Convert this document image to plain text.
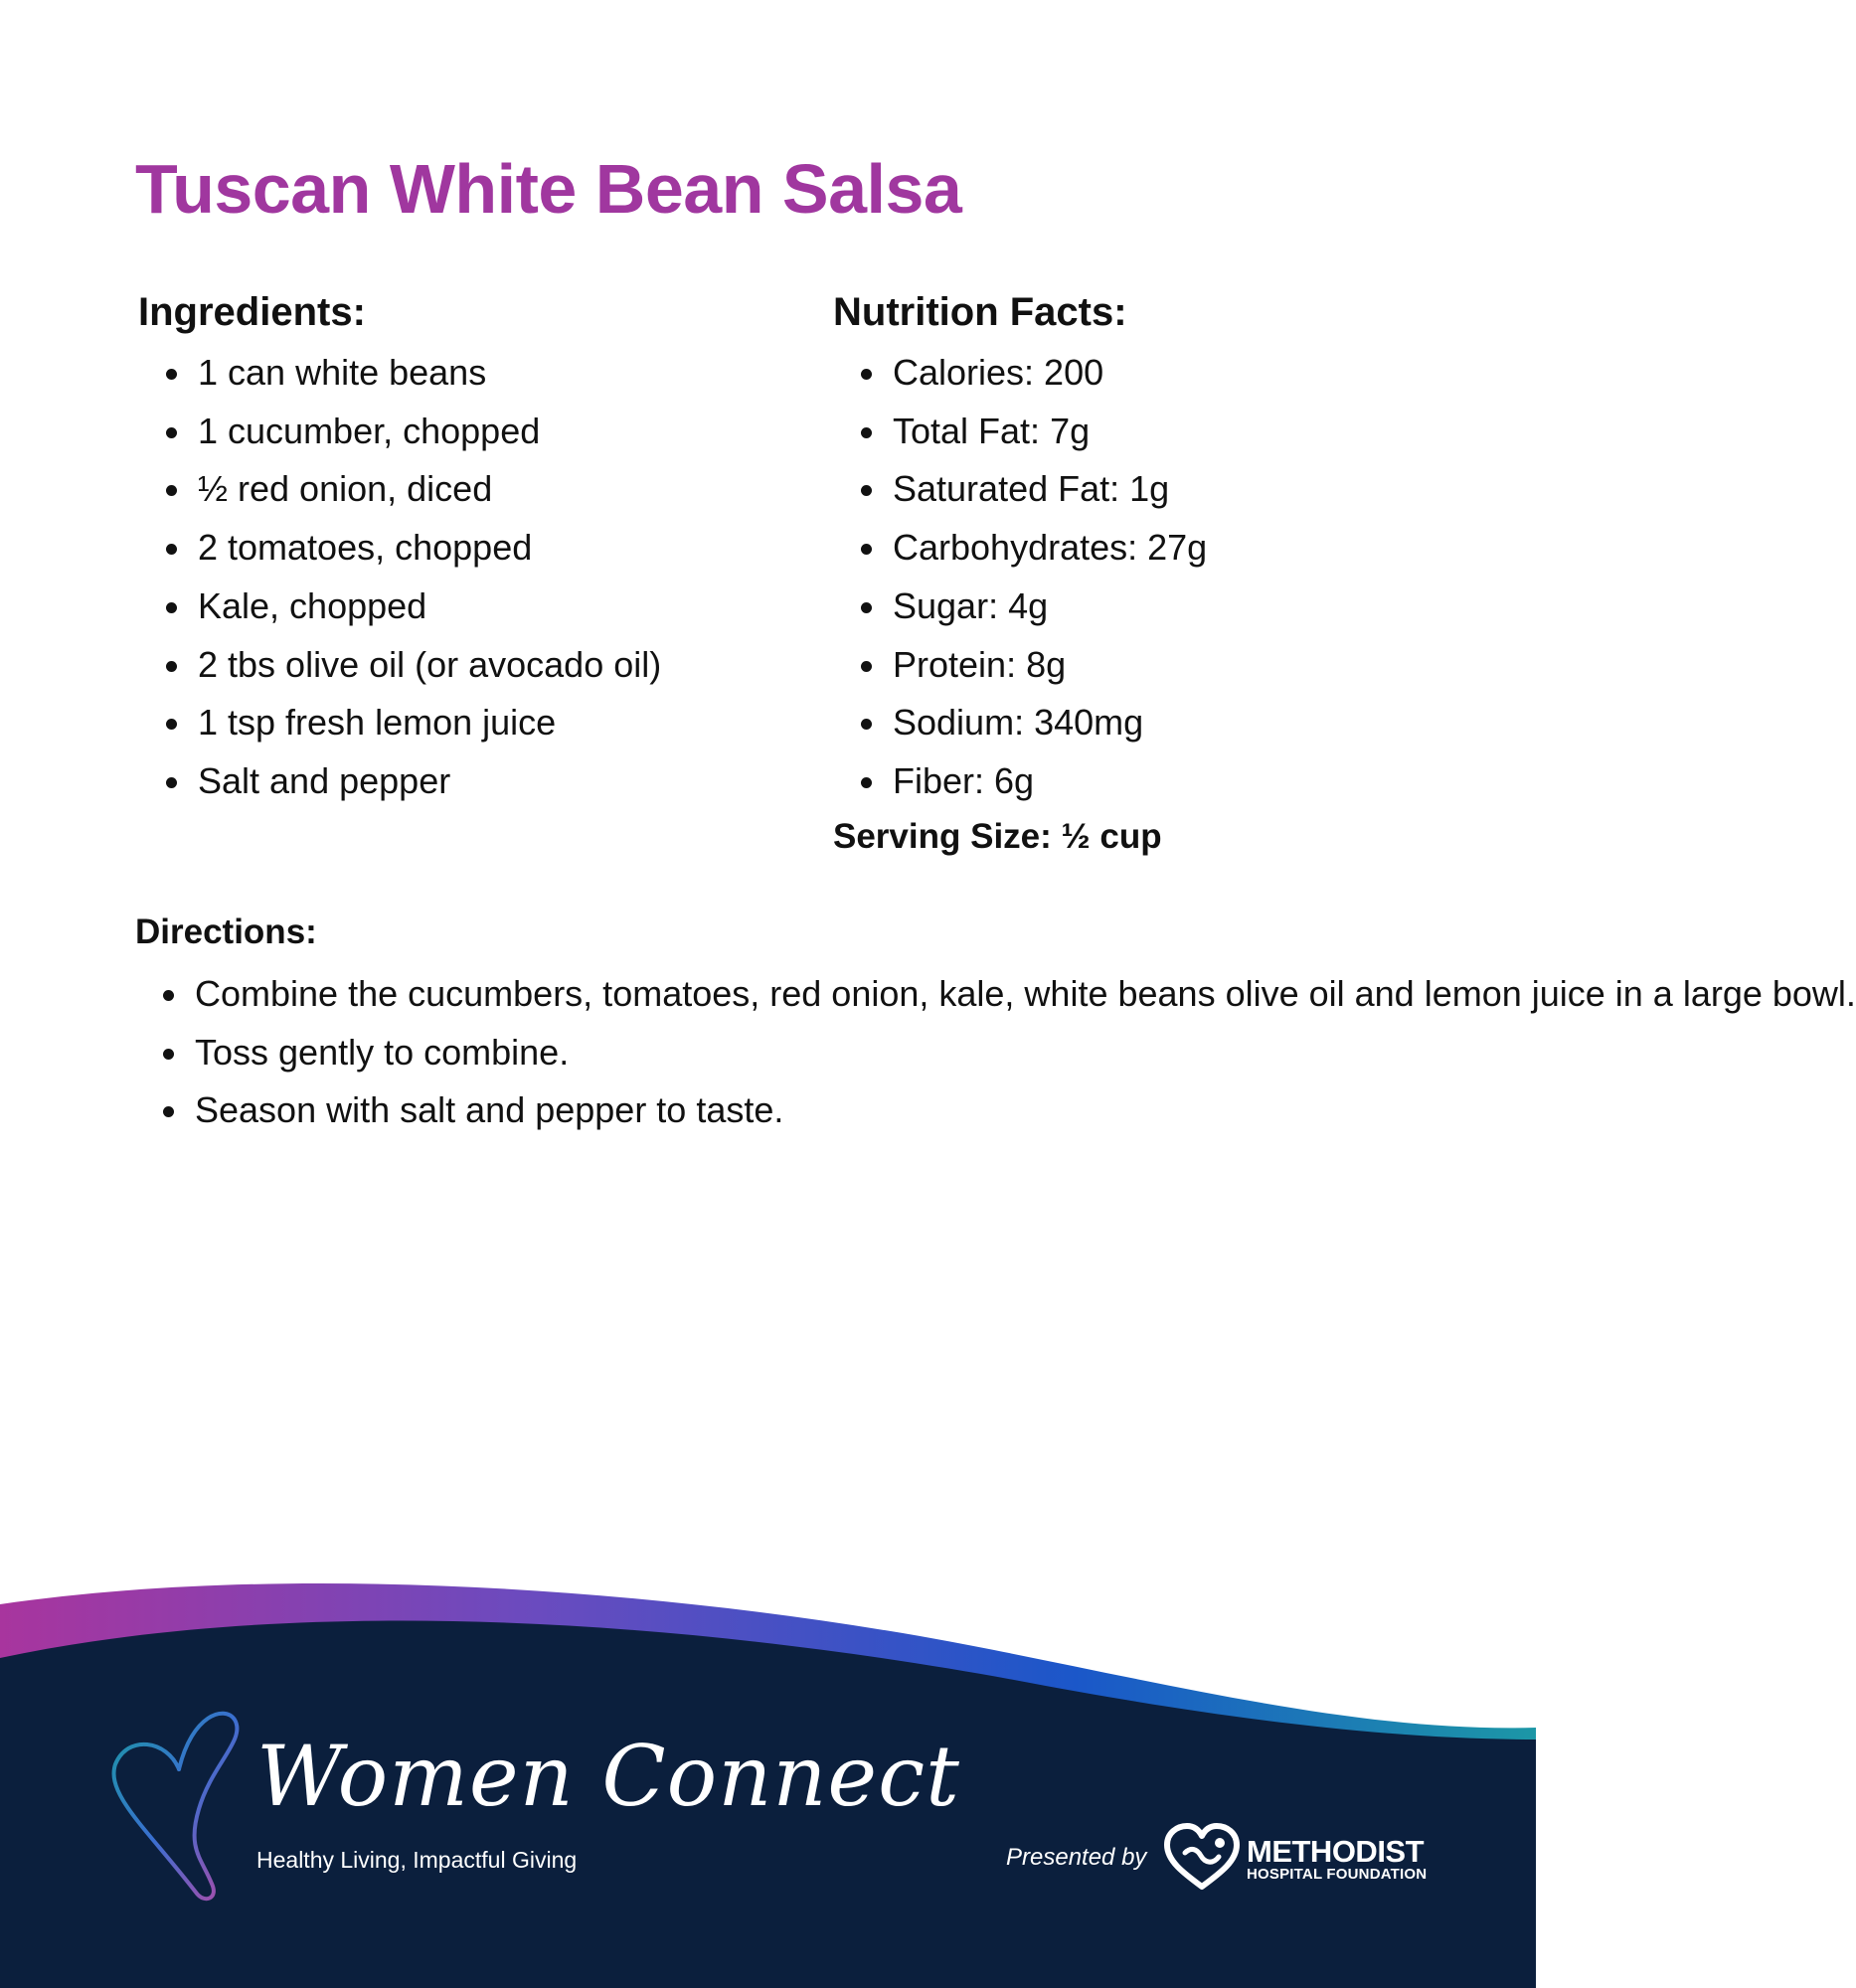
Tuscan White Bean Salsa
Ingredients:
1 can white beans
1 cucumber, chopped
½ red onion, diced
2 tomatoes, chopped
Kale, chopped
2 tbs olive oil (or avocado oil)
1 tsp fresh lemon juice
Salt and pepper
Nutrition Facts:
Calories: 200
Total Fat: 7g
Saturated Fat: 1g
Carbohydrates: 27g
Sugar: 4g
Protein: 8g
Sodium: 340mg
Fiber: 6g

Serving Size: ½ cup

Directions:
Combine the cucumbers, tomatoes, red onion, kale, white beans olive oil and lemon juice in a large bowl.
Toss gently to combine.
Season with salt and pepper to taste.
Women Connect
Healthy Living, Impactful Giving	Presented by	METHODIST
HOSPITAL FOUNDATION
